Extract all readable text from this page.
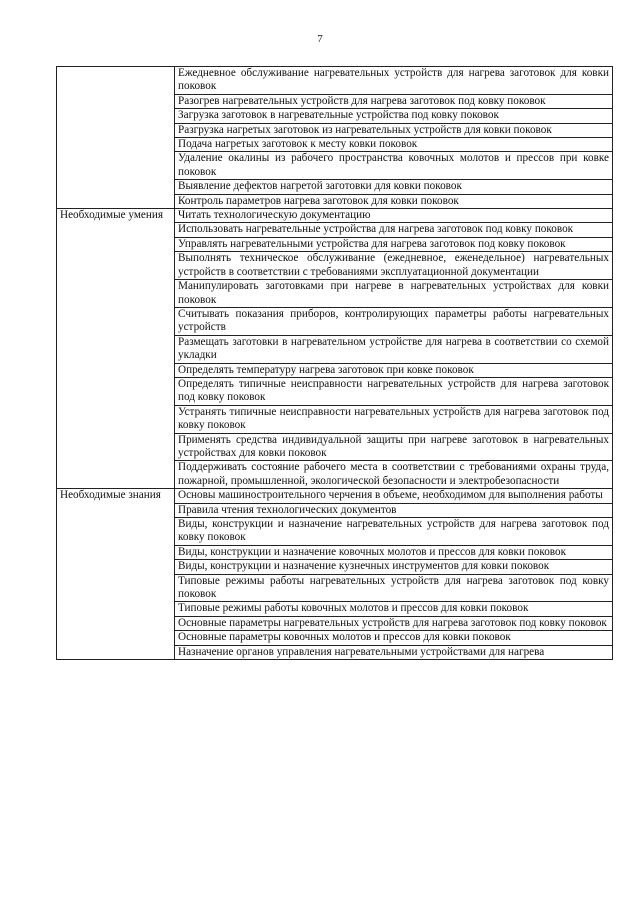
7
	Ежедневное обслуживание нагревательных устройств для нагрева заготовок для ковки поковок
	Разогрев нагревательных устройств для нагрева заготовок под ковку поковок
	Загрузка заготовок в нагревательные устройства под ковку поковок
	Разгрузка нагретых заготовок из нагревательных устройств для ковки поковок
	Подача нагретых заготовок к месту ковки поковок
	Удаление окалины из рабочего пространства ковочных молотов и прессов при ковке поковок
	Выявление дефектов нагретой заготовки для ковки поковок
	Контроль параметров нагрева заготовок для ковки поковок
Необходимые умения	Читать технологическую документацию
	Использовать нагревательные устройства для нагрева заготовок под ковку поковок
	Управлять нагревательными устройства для нагрева заготовок под ковку поковок
	Выполнять техническое обслуживание (ежедневное, еженедельное) нагревательных устройств в соответствии с требованиями эксплуатационной документации
	Манипулировать заготовками при нагреве в нагревательных устройствах для ковки поковок
	Считывать показания приборов, контролирующих параметры работы нагревательных устройств
	Размещать заготовки в нагревательном устройстве для нагрева в соответствии со схемой укладки
	Определять температуру нагрева заготовок при ковке поковок
	Определять типичные неисправности нагревательных устройств для нагрева заготовок под ковку поковок
	Устранять типичные неисправности нагревательных устройств для нагрева заготовок под ковку поковок
	Применять средства индивидуальной защиты при нагреве заготовок в нагревательных устройствах для ковки поковок
	Поддерживать состояние рабочего места в соответствии с требованиями охраны труда, пожарной, промышленной, экологической безопасности и электробезопасности
Необходимые знания	Основы машиностроительного черчения в объеме, необходимом для выполнения работы
	Правила чтения технологических документов
	Виды, конструкции и назначение нагревательных устройств для нагрева заготовок под ковку поковок
	Виды, конструкции и назначение ковочных молотов и прессов для ковки поковок
	Виды, конструкции и назначение кузнечных инструментов для ковки поковок
	Типовые режимы работы нагревательных устройств для нагрева заготовок под ковку поковок
	Типовые режимы работы ковочных молотов и прессов для ковки поковок
	Основные параметры нагревательных устройств для нагрева заготовок под ковку поковок
	Основные параметры ковочных молотов и прессов для ковки поковок
	Назначение органов управления нагревательными устройствами для нагрева
